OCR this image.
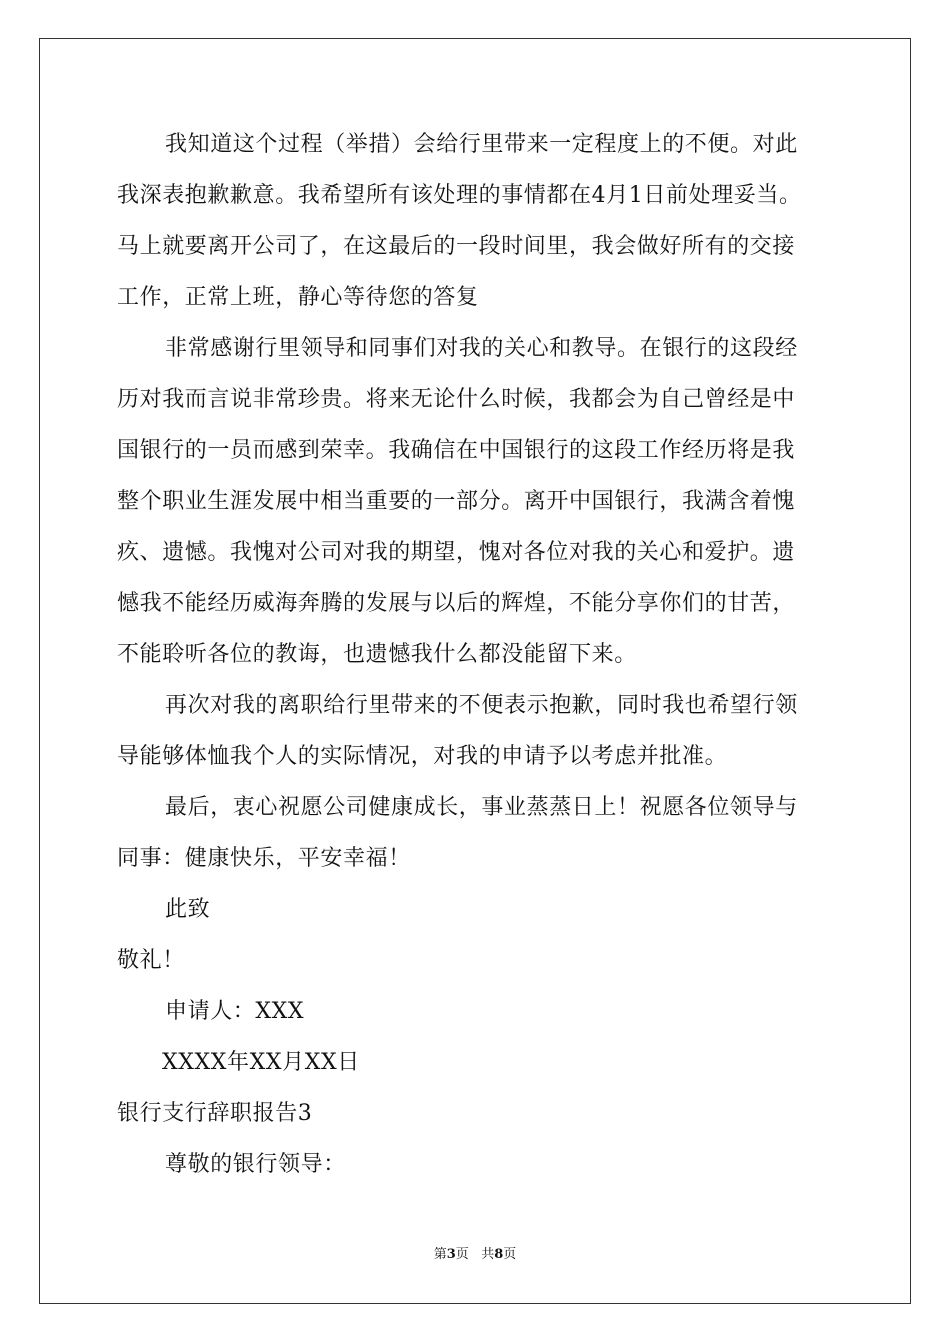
我知道这个过程（举措）会给行里带来一定程度上的不便。对此
我深表抱歉歉意。我希望所有该处理的事情都在4月1日前处理妥当。
马上就要离开公司了，在这最后的一段时间里，我会做好所有的交接
工作，正常上班，静心等待您的答复
非常感谢行里领导和同事们对我的关心和教导。在银行的这段经
历对我而言说非常珍贵。将来无论什么时候，我都会为自己曾经是中
国银行的一员而感到荣幸。我确信在中国银行的这段工作经历将是我
整个职业生涯发展中相当重要的一部分。离开中国银行，我满含着愧
疚、遗憾。我愧对公司对我的期望，愧对各位对我的关心和爱护。遗
憾我不能经历威海奔腾的发展与以后的辉煌，不能分享你们的甘苦，
不能聆听各位的教诲，也遗憾我什么都没能留下来。
再次对我的离职给行里带来的不便表示抱歉，同时我也希望行领
导能够体恤我个人的实际情况，对我的申请予以考虑并批准。
最后，衷心祝愿公司健康成长，事业蒸蒸日上！祝愿各位领导与
同事：健康快乐，平安幸福！
此致
敬礼！
申请人：XXX
XXXX年XX月XX日
银行支行辞职报告3
尊敬的银行领导：
第3页 共8页
